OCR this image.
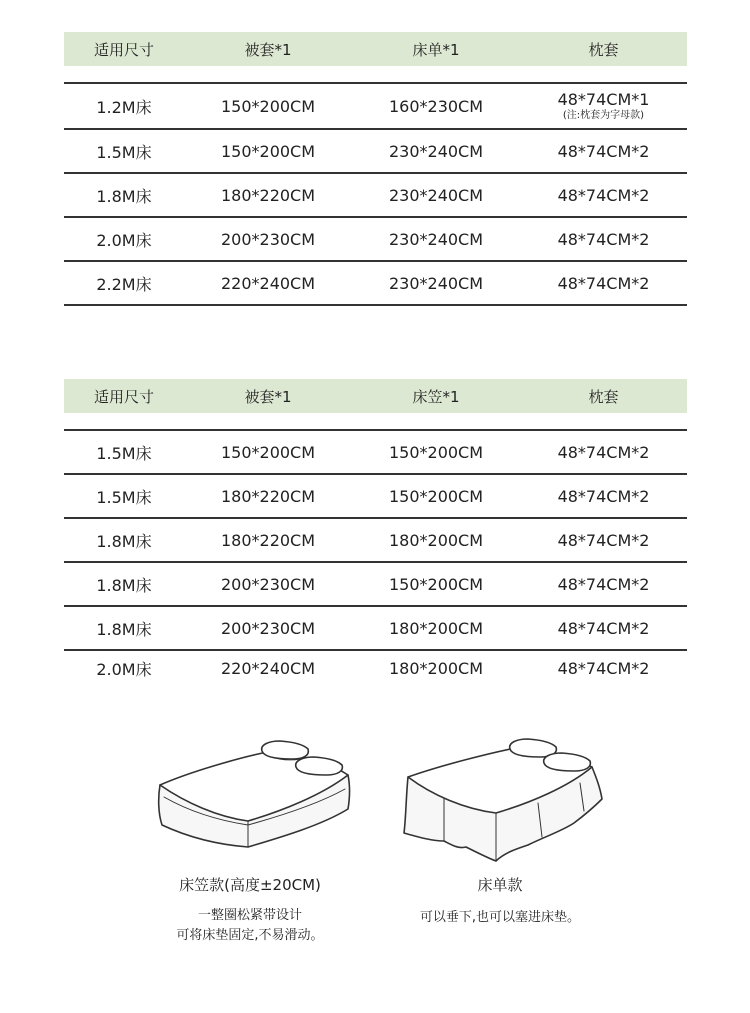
适用尺寸	被套*1	床单*1	枕套
1.2M床	150*200CM	160*230CM	48*74CM*1
(注:枕套为字母款)
1.5M床	150*200CM	230*240CM	48*74CM*2
1.8M床	180*220CM	230*240CM	48*74CM*2
2.0M床	200*230CM	230*240CM	48*74CM*2
2.2M床	220*240CM	230*240CM	48*74CM*2
适用尺寸	被套*1	床笠*1	枕套
1.5M床	150*200CM	150*200CM	48*74CM*2
1.5M床	180*220CM	150*200CM	48*74CM*2
1.8M床	180*220CM	180*200CM	48*74CM*2
1.8M床	200*230CM	150*200CM	48*74CM*2
1.8M床	200*230CM	180*200CM	48*74CM*2
2.0M床	220*240CM	180*200CM	48*74CM*2
床笠款(高度±20CM)
一整圈松紧带设计
可将床垫固定,不易滑动。
床单款
可以垂下,也可以塞进床垫。
